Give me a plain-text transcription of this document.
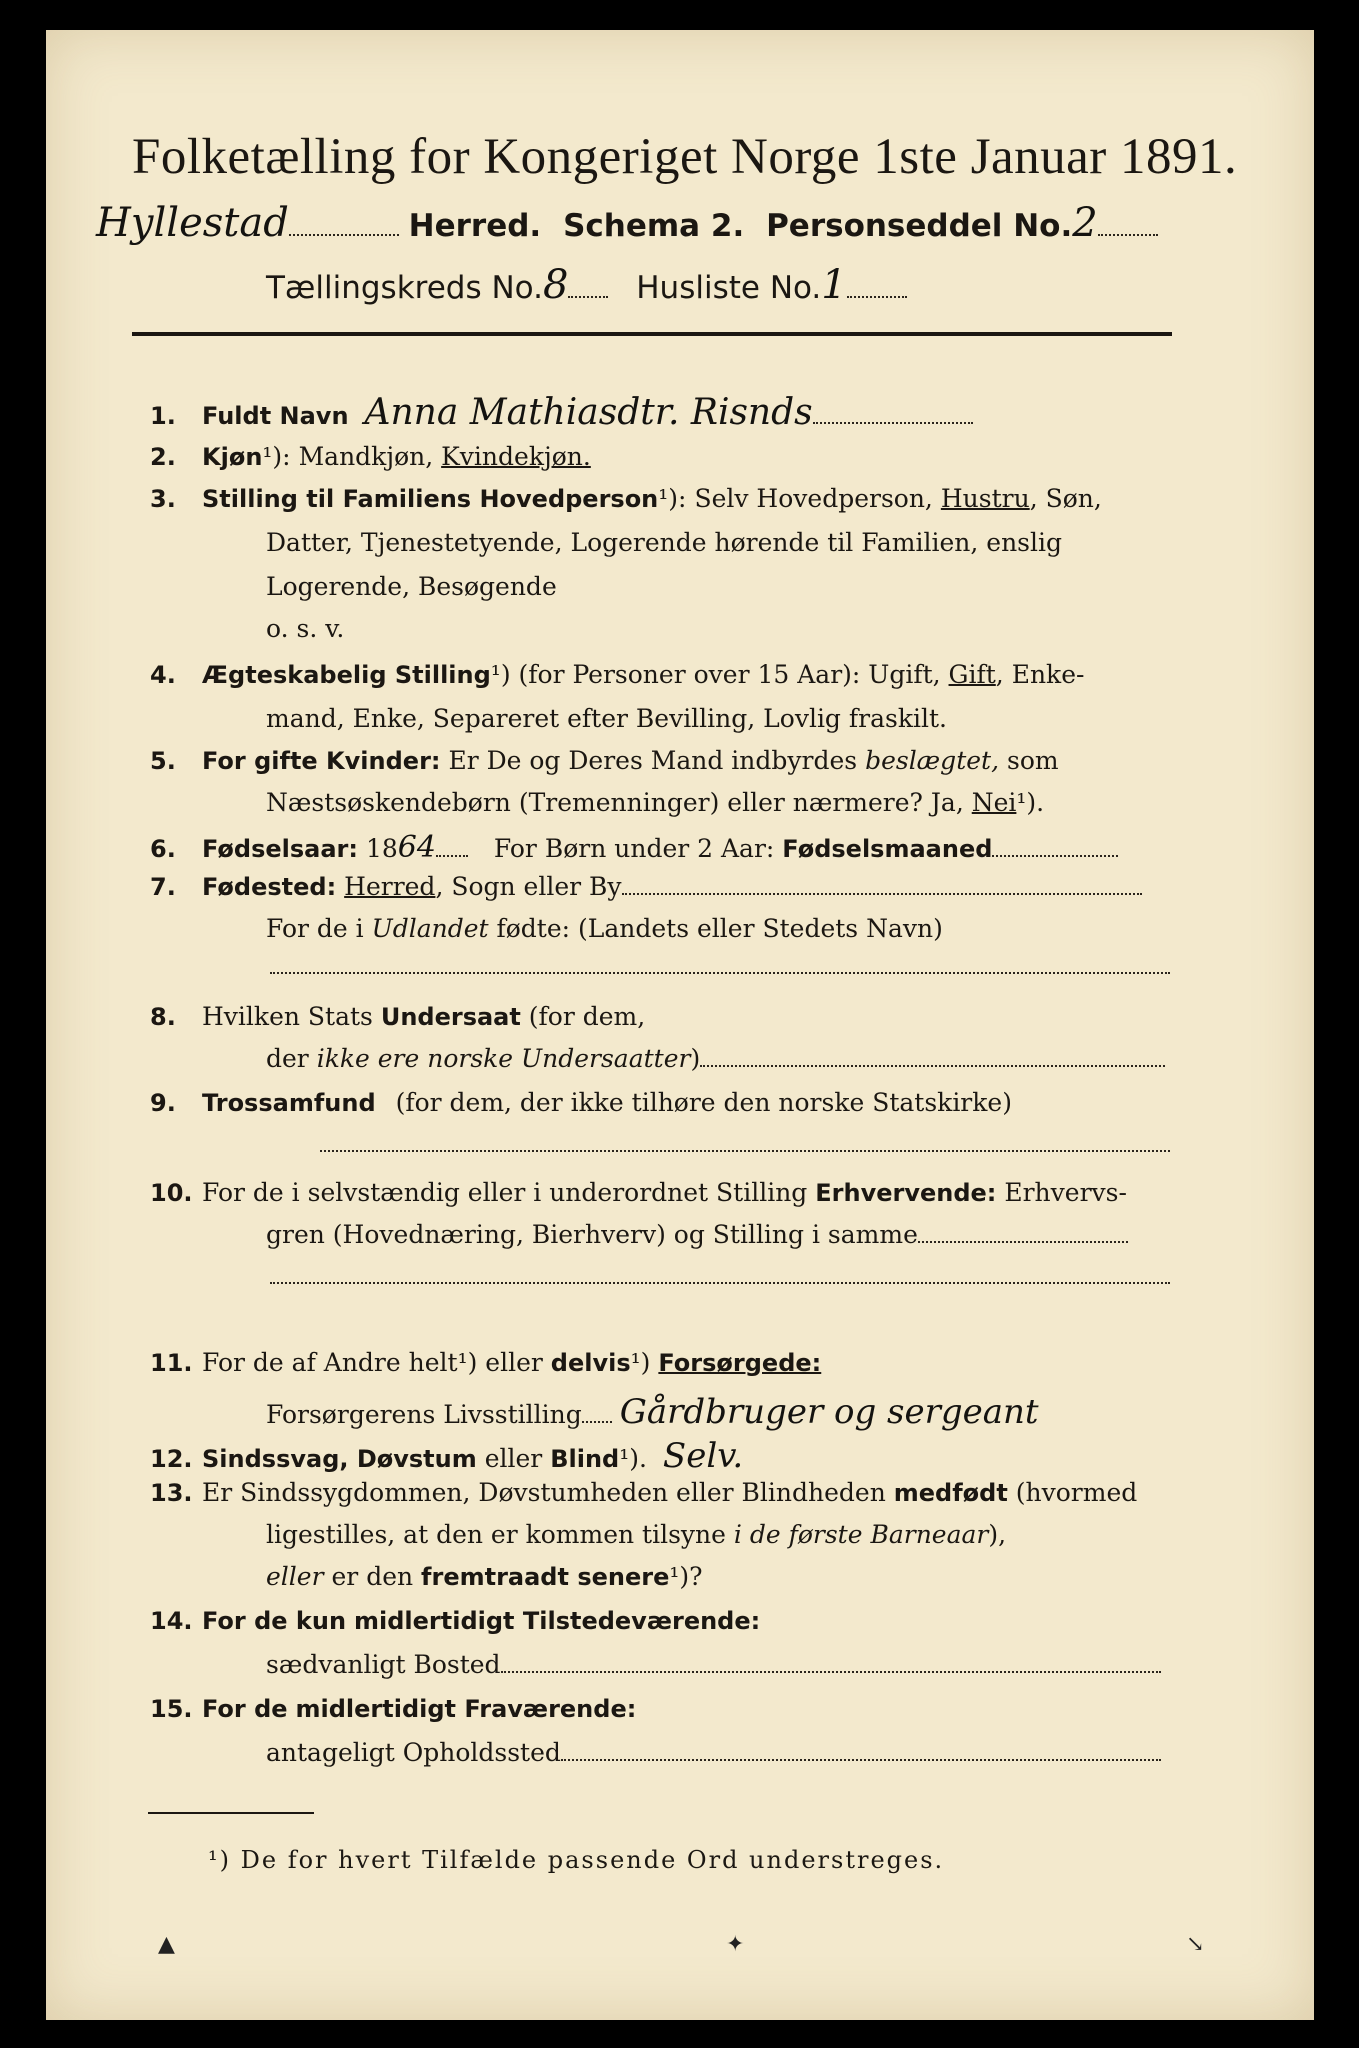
Folketælling for Kongeriget Norge 1ste Januar 1891.
Hyllestad	Herred. Schema 2. Personseddel No.2
Tællingskreds No.8 Husliste No.1
1. Fuldt Navn Anna Mathiasdtr. Risnds
2. Kjøn¹): Mandkjøn, Kvindekjøn.
3. Stilling til Familiens Hovedperson¹): Selv Hovedperson, Hustru, Søn,
Datter, Tjenestetyende, Logerende hørende til Familien, enslig
Logerende, Besøgende
o. s. v.
4. Ægteskabelig Stilling¹) (for Personer over 15 Aar): Ugift, Gift, Enke-
mand, Enke, Separeret efter Bevilling, Lovlig fraskilt.
5. For gifte Kvinder: Er De og Deres Mand indbyrdes beslægtet, som
Næstsøskendebørn (Tremenninger) eller nærmere? Ja, Nei¹).
6. Fødselsaar: 1864 For Børn under 2 Aar: Fødselsmaaned
7. Fødested: Herred, Sogn eller By
For de i Udlandet fødte: (Landets eller Stedets Navn)
8. Hvilken Stats Undersaat (for dem,
der ikke ere norske Undersaatter)
9. Trossamfund (for dem, der ikke tilhøre den norske Statskirke)
10. For de i selvstændig eller i underordnet Stilling Erhvervende: Erhvervs-
gren (Hovednæring, Bierhverv) og Stilling i samme
11. For de af Andre helt¹) eller delvis¹) Forsørgede:
Forsørgerens Livsstilling Gårdbruger og sergeant
12. Sindssvag, Døvstum eller Blind¹). Selv.
13. Er Sindssygdommen, Døvstumheden eller Blindheden medfødt (hvormed
ligestilles, at den er kommen tilsyne i de første Barneaar),
eller er den fremtraadt senere¹)?
14. For de kun midlertidigt Tilstedeværende:
sædvanligt Bosted
15. For de midlertidigt Fraværende:
antageligt Opholdssted
¹) De for hvert Tilfælde passende Ord understreges.
▲	✦	↘
